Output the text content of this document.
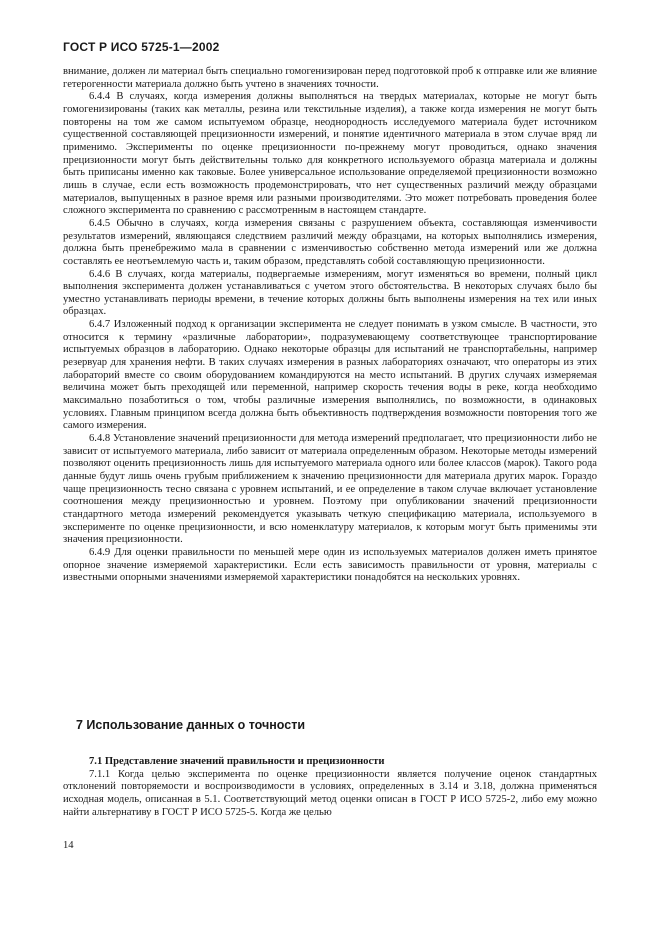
ГОСТ Р ИСО 5725-1—2002

внимание, должен ли материал быть специально гомогенизирован перед подготовкой проб к отправке или же влияние гетерогенности материала должно быть учтено в значениях точности.

6.4.4 В случаях, когда измерения должны выполняться на твердых материалах, которые не могут быть гомогенизированы (таких как металлы, резина или текстильные изделия), а также когда измерения не могут быть повторены на том же самом испытуемом образце, неоднородность исследуемого материала будет источником существенной составляющей прецизионности измерений, и понятие идентичного материала в этом случае вряд ли применимо. Эксперименты по оценке прецизионности по-прежнему могут проводиться, однако значения прецизионности могут быть действительны только для конкретного используемого образца материала и должны быть приписаны именно как таковые. Более универсальное использование определяемой прецизионности возможно лишь в случае, если есть возможность продемонстрировать, что нет существенных различий между образцами материалов, выпущенных в разное время или разными производителями. Это может потребовать проведения более сложного эксперимента по сравнению с рассмотренным в настоящем стандарте.

6.4.5 Обычно в случаях, когда измерения связаны с разрушением объекта, составляющая изменчивости результатов измерений, являющаяся следствием различий между образцами, на которых выполнялись измерения, должна быть пренебрежимо мала в сравнении с изменчивостью собственно метода измерений или же должна составлять ее неотъемлемую часть и, таким образом, представлять собой составляющую прецизионности.

6.4.6 В случаях, когда материалы, подвергаемые измерениям, могут изменяться во времени, полный цикл выполнения эксперимента должен устанавливаться с учетом этого обстоятельства. В некоторых случаях было бы уместно устанавливать периоды времени, в течение которых должны быть выполнены измерения на тех или иных образцах.

6.4.7 Изложенный подход к организации эксперимента не следует понимать в узком смысле. В частности, это относится к термину «различные лаборатории», подразумевающему соответствующее транспортирование испытуемых образцов в лабораторию. Однако некоторые образцы для испытаний не транспортабельны, например резервуар для хранения нефти. В таких случаях измерения в разных лабораториях означают, что операторы из этих лабораторий вместе со своим оборудованием командируются на место испытаний. В других случаях измеряемая величина может быть преходящей или переменной, например скорость течения воды в реке, когда необходимо максимально позаботиться о том, чтобы различные измерения выполнялись, по возможности, в одинаковых условиях. Главным принципом всегда должна быть объективность подтверждения возможности повторения того же самого измерения.

6.4.8 Установление значений прецизионности для метода измерений предполагает, что прецизионности либо не зависит от испытуемого материала, либо зависит от материала определенным образом. Некоторые методы измерений позволяют оценить прецизионность лишь для испытуемого материала одного или более классов (марок). Такого рода данные будут лишь очень грубым приближением к значению прецизионности для материала других марок. Гораздо чаще прецизионность тесно связана с уровнем испытаний, и ее определение в таком случае включает установление соотношения между прецизионностью и уровнем. Поэтому при опубликовании значений прецизионности стандартного метода измерений рекомендуется указывать четкую спецификацию материала, используемого в эксперименте по оценке прецизионности, и всю номенклатуру материалов, к которым могут быть применимы эти значения прецизионности.

6.4.9 Для оценки правильности по меньшей мере один из используемых материалов должен иметь принятое опорное значение измеряемой характеристики. Если есть зависимость правильности от уровня, материалы с известными опорными значениями измеряемой характеристики понадобятся на нескольких уровнях.

7 Использование данных о точности

7.1 Представление значений правильности и прецизионности

7.1.1 Когда целью эксперимента по оценке прецизионности является получение оценок стандартных отклонений повторяемости и воспроизводимости в условиях, определенных в 3.14 и 3.18, должна применяться исходная модель, описанная в 5.1. Соответствующий метод оценки описан в ГОСТ Р ИСО 5725-2, либо ему можно найти альтернативу в ГОСТ Р ИСО 5725-5. Когда же целью

14
